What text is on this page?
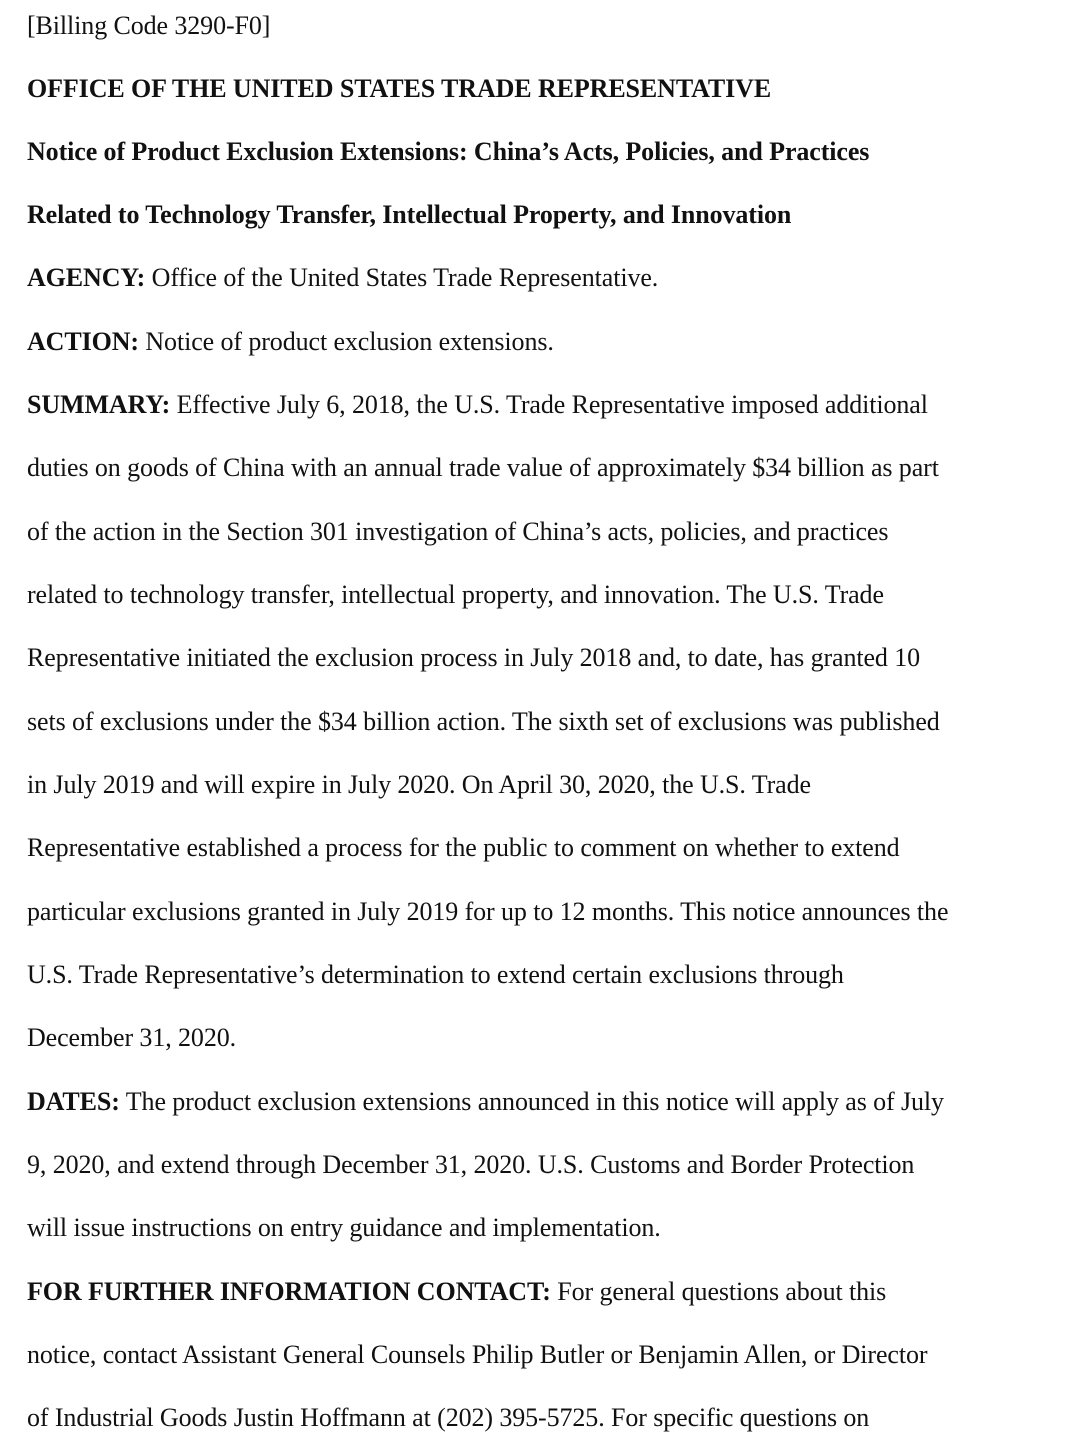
[Billing Code 3290-F0]
OFFICE OF THE UNITED STATES TRADE REPRESENTATIVE
Notice of Product Exclusion Extensions: China’s Acts, Policies, and Practices
Related to Technology Transfer, Intellectual Property, and Innovation
AGENCY: Office of the United States Trade Representative.
ACTION: Notice of product exclusion extensions.
SUMMARY: Effective July 6, 2018, the U.S. Trade Representative imposed additional
duties on goods of China with an annual trade value of approximately $34 billion as part
of the action in the Section 301 investigation of China’s acts, policies, and practices
related to technology transfer, intellectual property, and innovation. The U.S. Trade
Representative initiated the exclusion process in July 2018 and, to date, has granted 10
sets of exclusions under the $34 billion action. The sixth set of exclusions was published
in July 2019 and will expire in July 2020. On April 30, 2020, the U.S. Trade
Representative established a process for the public to comment on whether to extend
particular exclusions granted in July 2019 for up to 12 months. This notice announces the
U.S. Trade Representative’s determination to extend certain exclusions through
December 31, 2020.
DATES: The product exclusion extensions announced in this notice will apply as of July
9, 2020, and extend through December 31, 2020. U.S. Customs and Border Protection
will issue instructions on entry guidance and implementation.
FOR FURTHER INFORMATION CONTACT: For general questions about this
notice, contact Assistant General Counsels Philip Butler or Benjamin Allen, or Director
of Industrial Goods Justin Hoffmann at (202) 395-5725. For specific questions on
